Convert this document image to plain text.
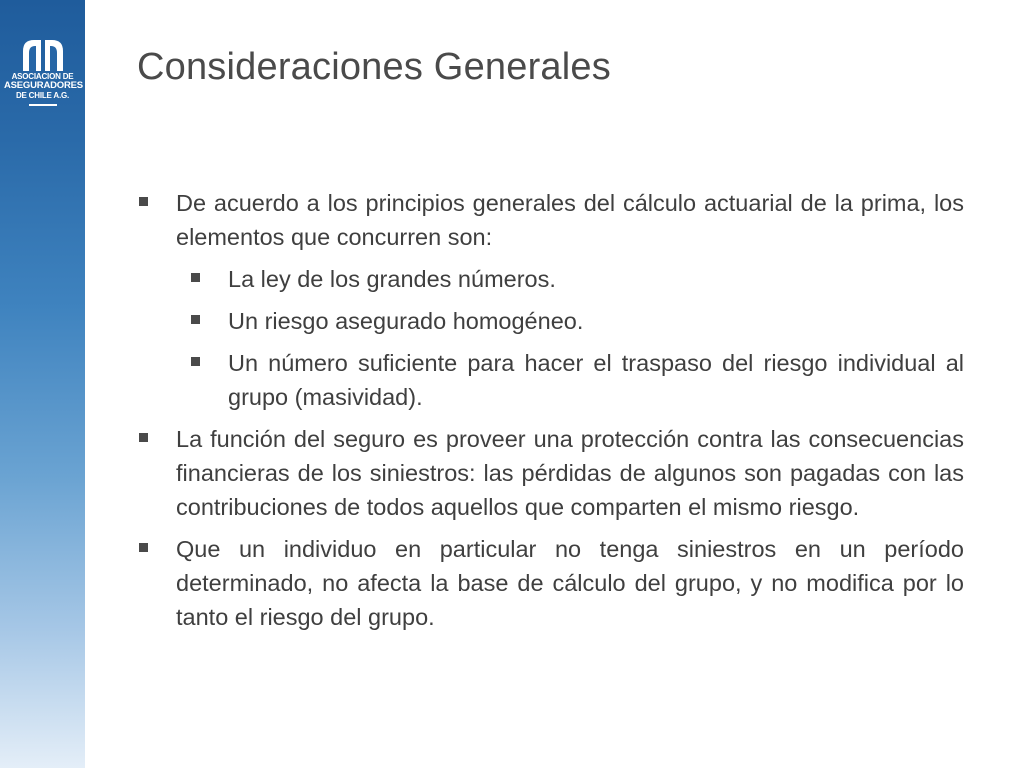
ASOCIACION DE
ASEGURADORES
DE CHILE A.G.
Consideraciones Generales
De acuerdo a los principios generales del cálculo actuarial de la prima, los elementos que concurren son:
La ley de los grandes números.
Un riesgo asegurado homogéneo.
Un número suficiente para hacer el traspaso del riesgo individual al grupo (masividad).
La función del seguro es proveer una protección contra las consecuencias financieras de los siniestros: las pérdidas de algunos son pagadas con las contribuciones de todos aquellos que comparten el mismo riesgo.
Que un individuo en particular no tenga siniestros en un período determinado, no afecta la base de cálculo del grupo, y no modifica por lo tanto el riesgo del grupo.
